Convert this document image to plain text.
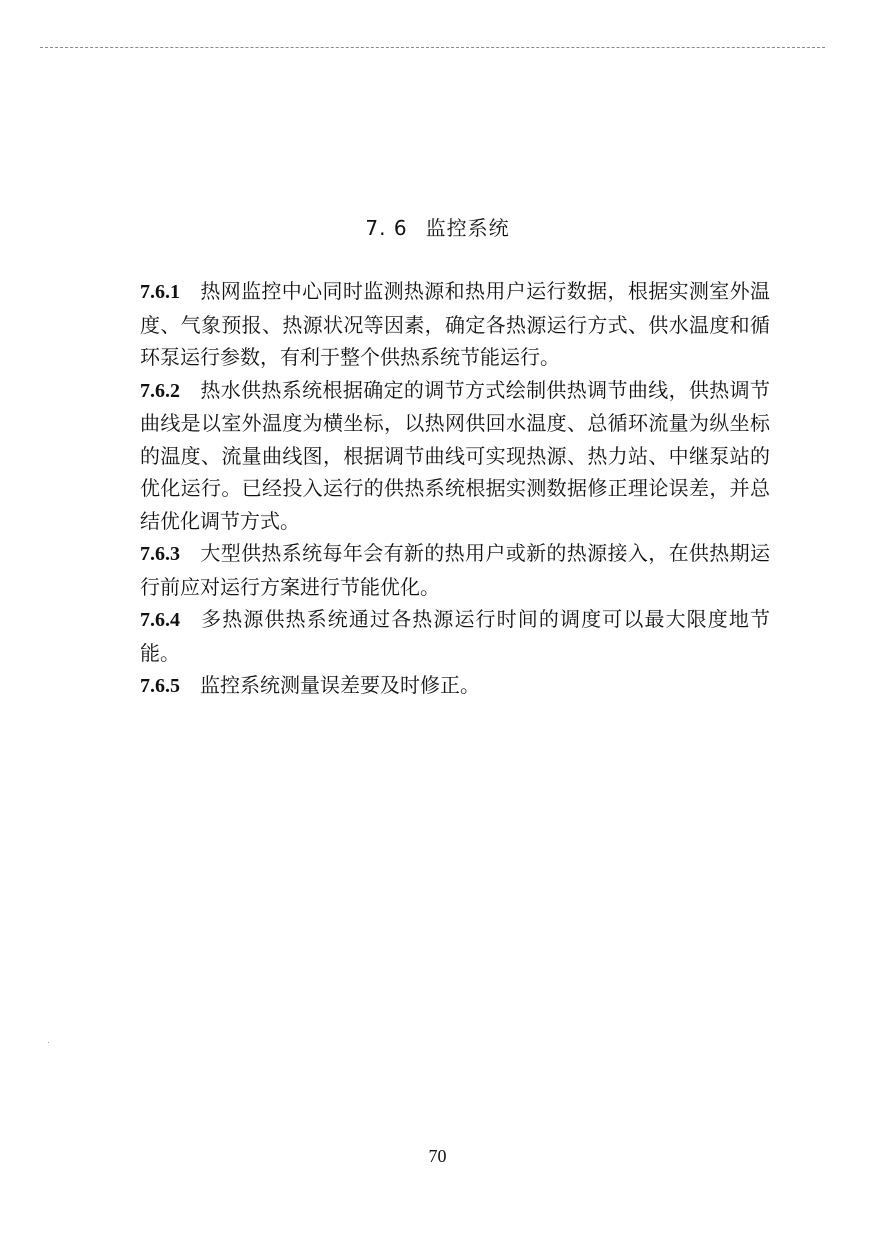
7. 6 监控系统

7.6.1 热网监控中心同时监测热源和热用户运行数据，根据实测室外温度、气象预报、热源状况等因素，确定各热源运行方式、供水温度和循环泵运行参数，有利于整个供热系统节能运行。

7.6.2 热水供热系统根据确定的调节方式绘制供热调节曲线，供热调节曲线是以室外温度为横坐标，以热网供回水温度、总循环流量为纵坐标的温度、流量曲线图，根据调节曲线可实现热源、热力站、中继泵站的优化运行。已经投入运行的供热系统根据实测数据修正理论误差，并总结优化调节方式。

7.6.3 大型供热系统每年会有新的热用户或新的热源接入，在供热期运行前应对运行方案进行节能优化。

7.6.4 多热源供热系统通过各热源运行时间的调度可以最大限度地节能。

7.6.5 监控系统测量误差要及时修正。

70
